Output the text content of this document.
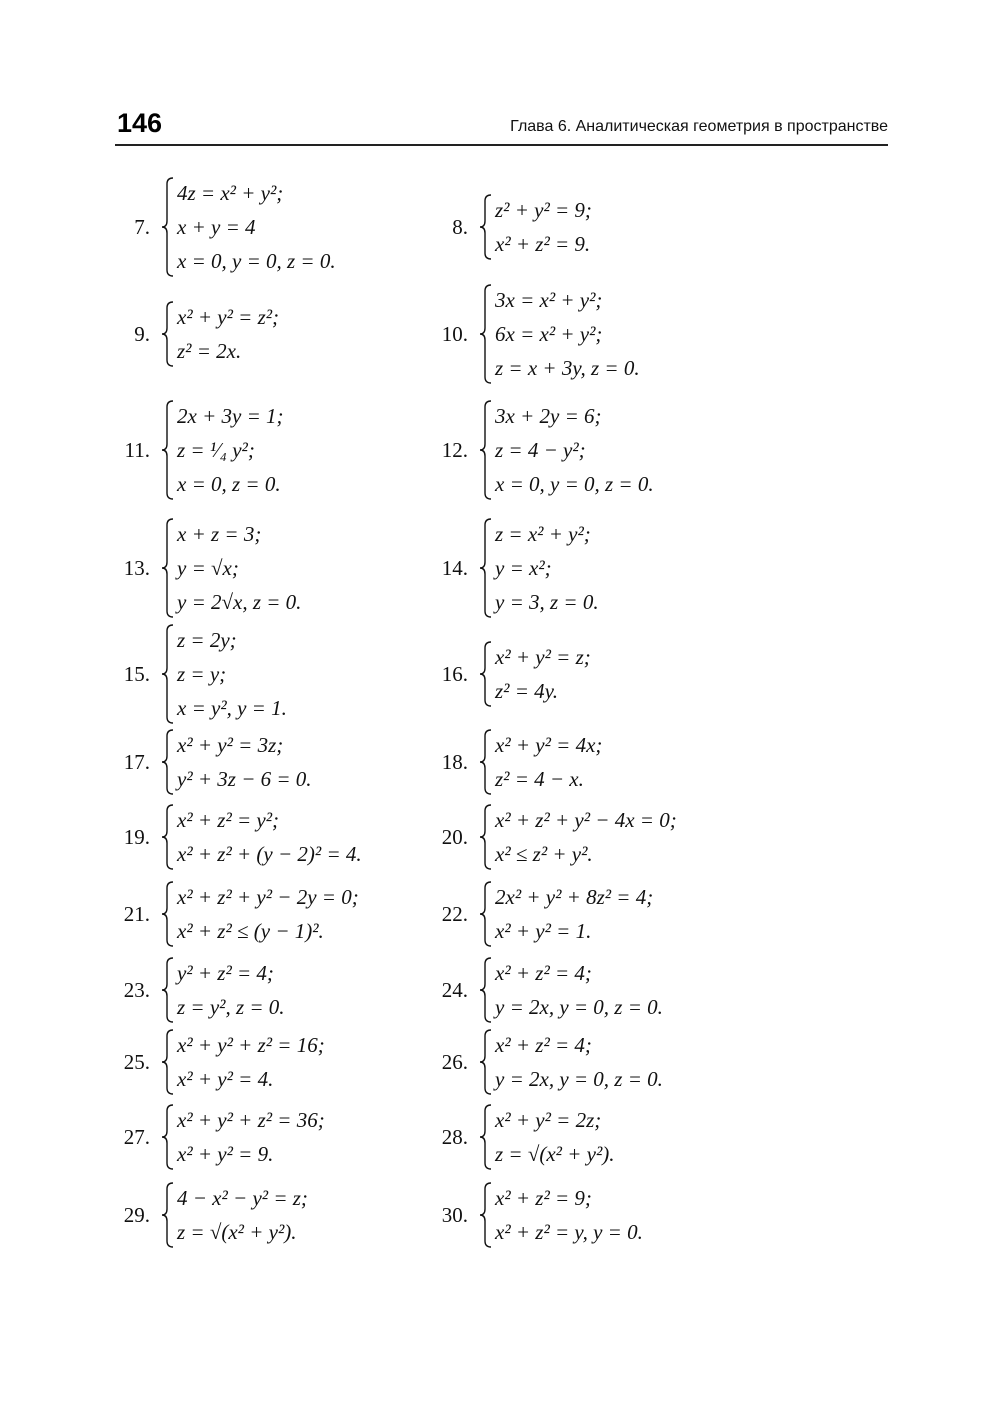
146	Глава 6. Аналитическая геометрия в пространстве
7.
4z = x² + y²;
x + y = 4
x = 0, y = 0, z = 0.
8.
z² + y² = 9;
x² + z² = 9.
9.
x² + y² = z²;
z² = 2x.
10.
3x = x² + y²;
6x = x² + y²;
z = x + 3y, z = 0.
11.
2x + 3y = 1;
z = ¹⁄₄ y²;
x = 0, z = 0.
12.
3x + 2y = 6;
z = 4 − y²;
x = 0, y = 0, z = 0.
13.
x + z = 3;
y = √x;
y = 2√x, z = 0.
14.
z = x² + y²;
y = x²;
y = 3, z = 0.
15.
z = 2y;
z = y;
x = y², y = 1.
16.
x² + y² = z;
z² = 4y.
17.
x² + y² = 3z;
y² + 3z − 6 = 0.
18.
x² + y² = 4x;
z² = 4 − x.
19.
x² + z² = y²;
x² + z² + (y − 2)² = 4.
20.
x² + z² + y² − 4x = 0;
x² ≤ z² + y².
21.
x² + z² + y² − 2y = 0;
x² + z² ≤ (y − 1)².
22.
2x² + y² + 8z² = 4;
x² + y² = 1.
23.
y² + z² = 4;
z = y², z = 0.
24.
x² + z² = 4;
y = 2x, y = 0, z = 0.
25.
x² + y² + z² = 16;
x² + y² = 4.
26.
x² + z² = 4;
y = 2x, y = 0, z = 0.
27.
x² + y² + z² = 36;
x² + y² = 9.
28.
x² + y² = 2z;
z = √(x² + y²).
29.
4 − x² − y² = z;
z = √(x² + y²).
30.
x² + z² = 9;
x² + z² = y, y = 0.
